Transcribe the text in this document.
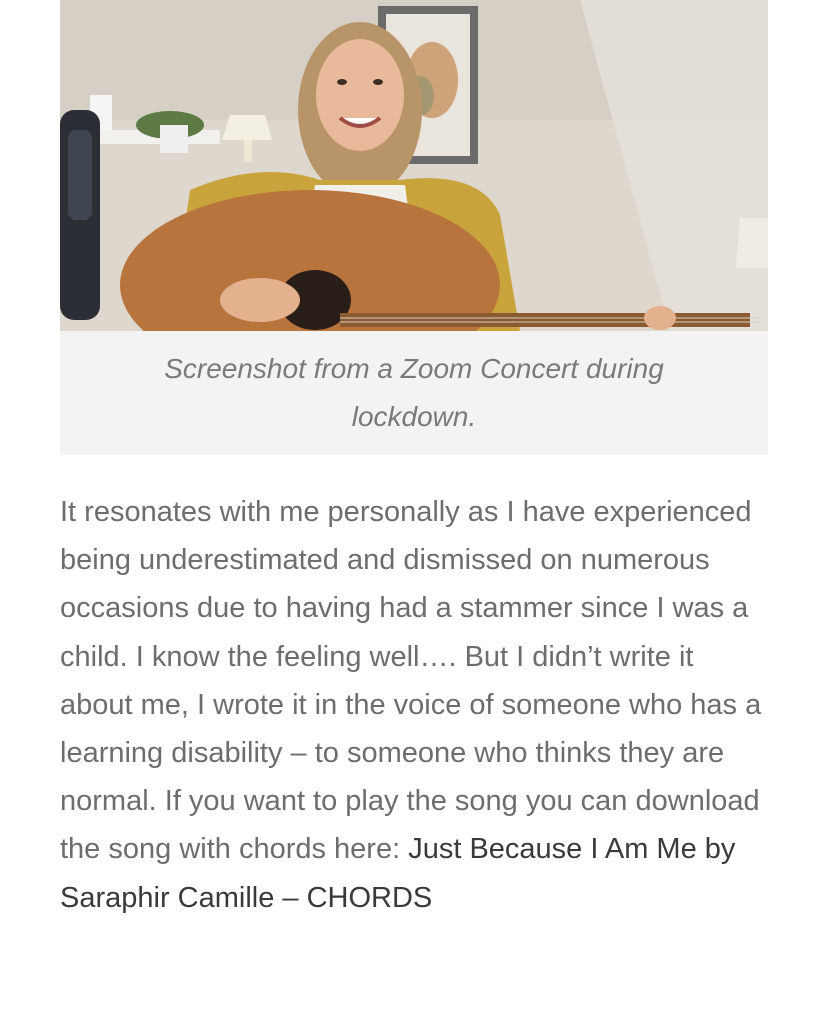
Screenshot from a Zoom Concert during lockdown.

It resonates with me personally as I have experienced being underestimated and dismissed on numerous occasions due to having had a stammer since I was a child. I know the feeling well…. But I didn’t write it about me, I wrote it in the voice of someone who has a learning disability – to someone who thinks they are normal. If you want to play the song you can download the song with chords here: Just Because I Am Me by Saraphir Camille – CHORDS
